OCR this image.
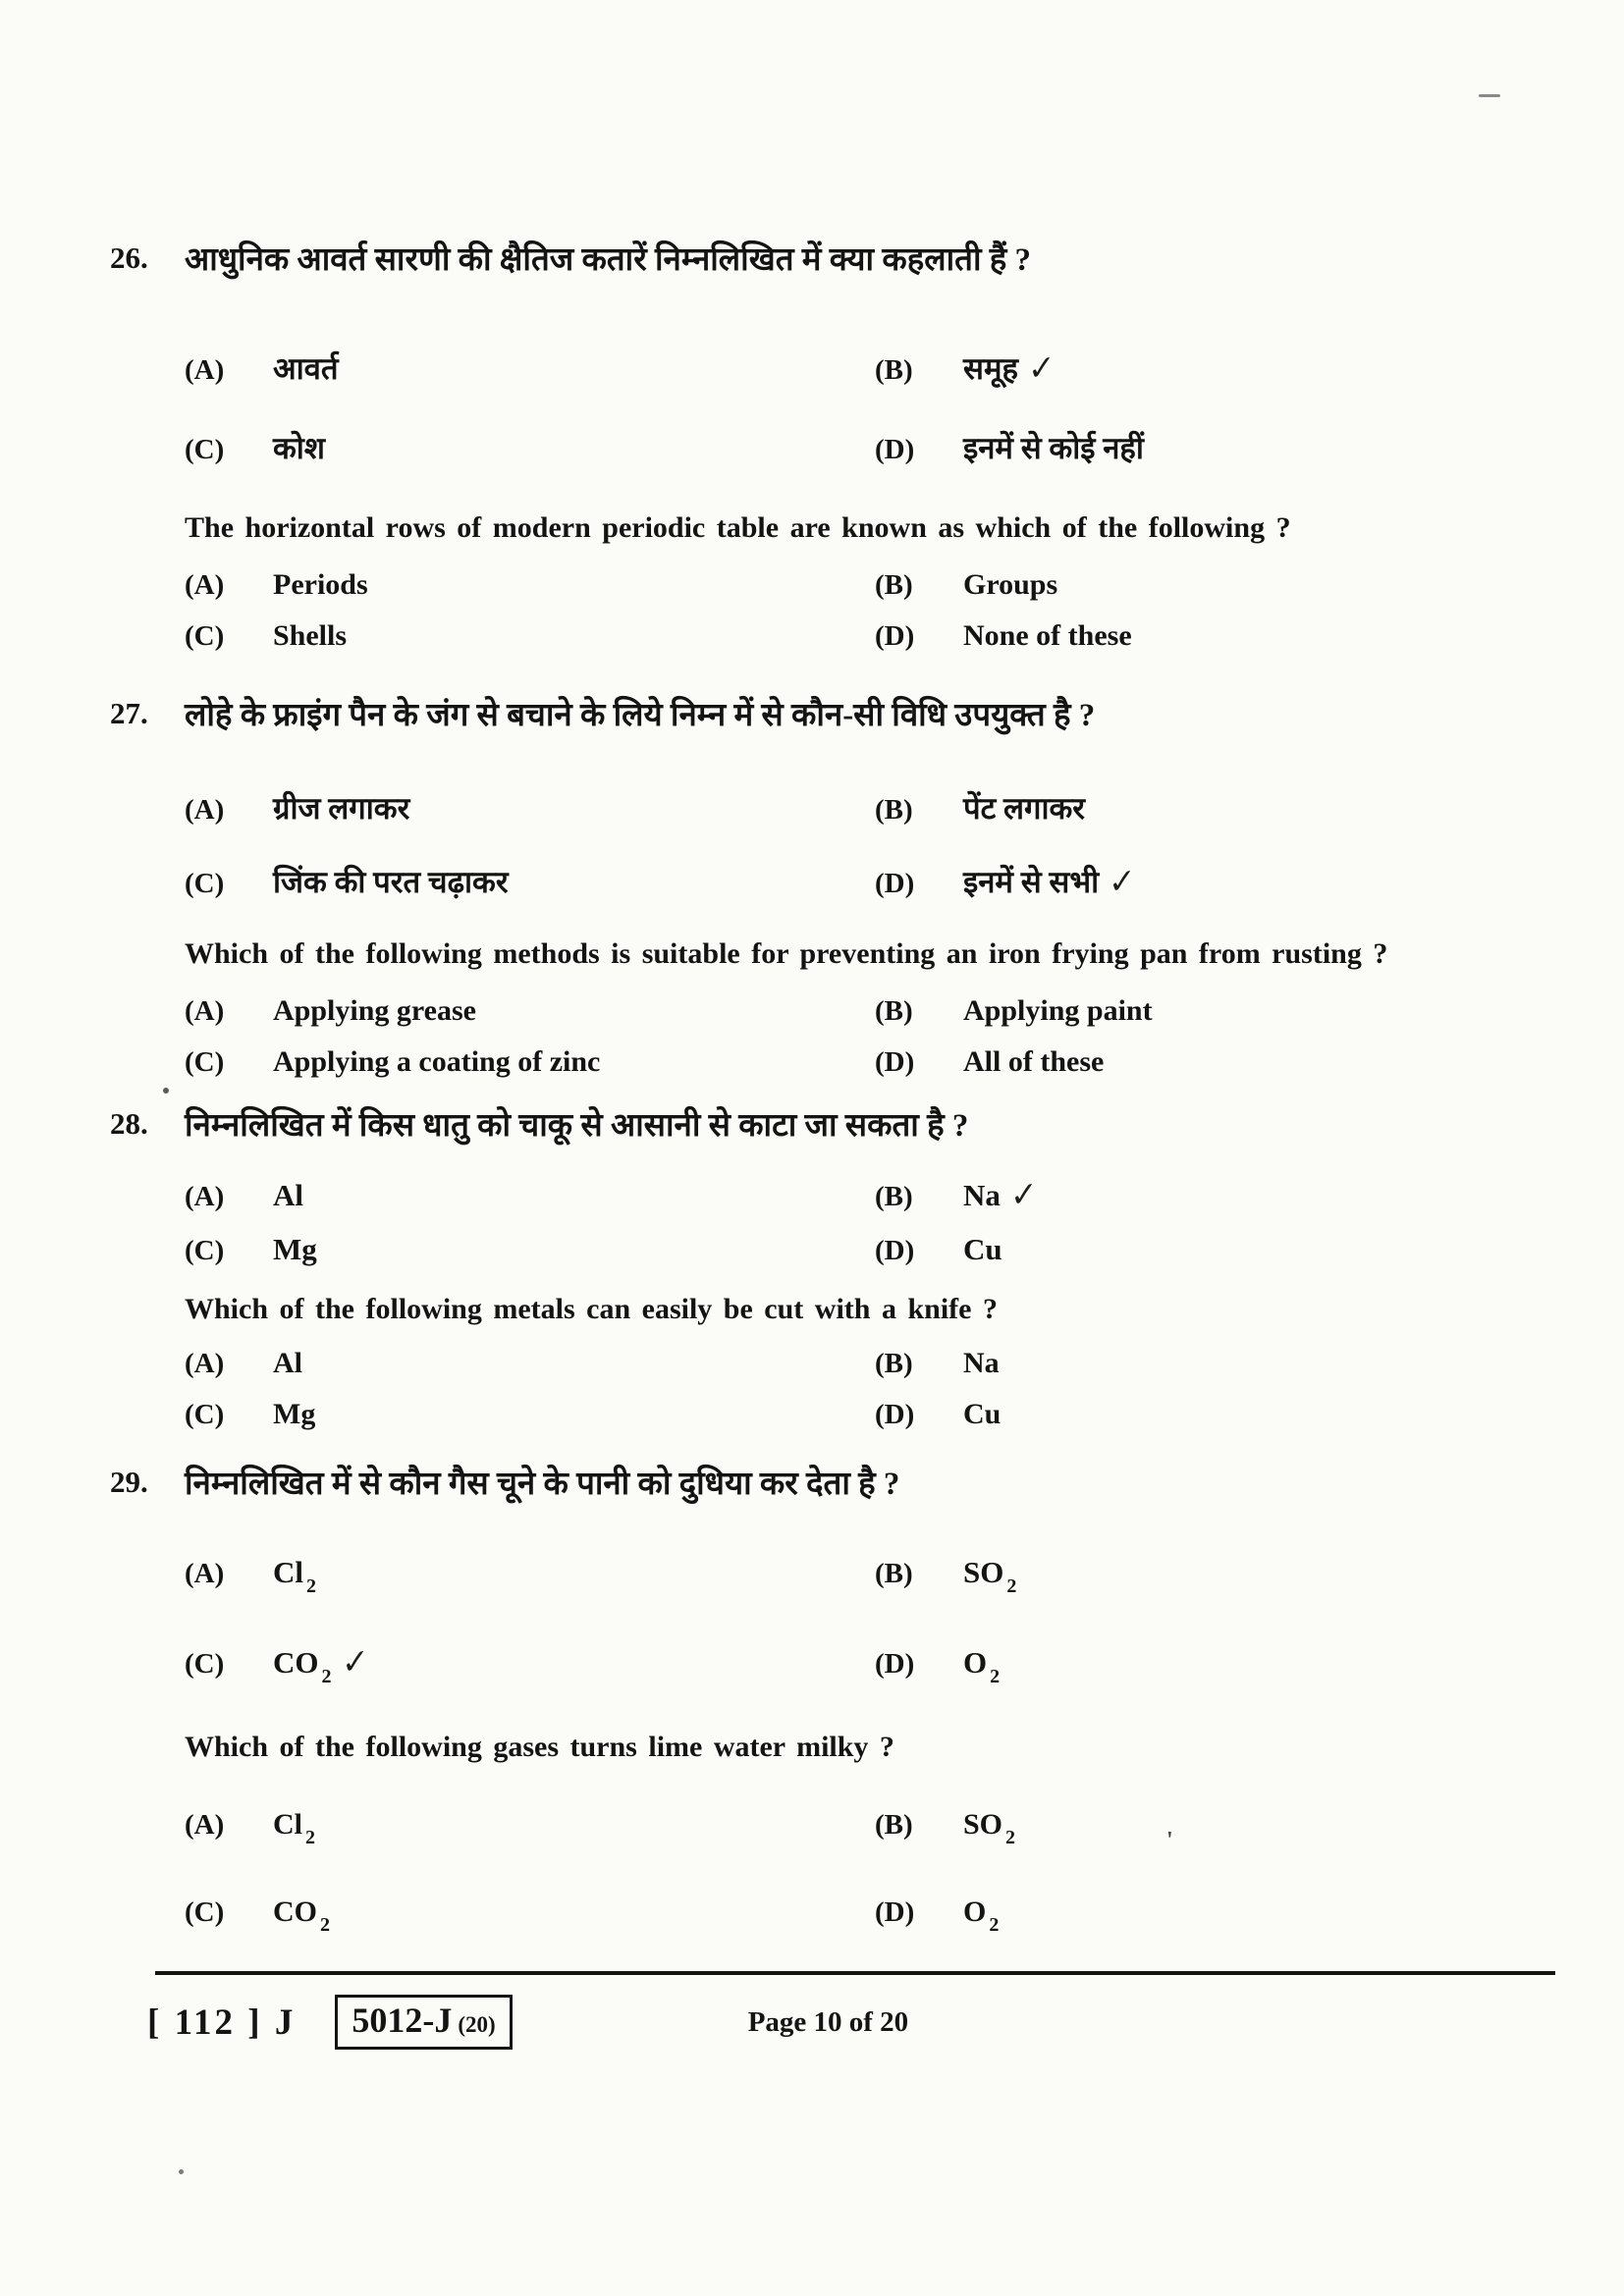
'
26.	आधुनिक आवर्त सारणी की क्षैतिज कतारें निम्नलिखित में क्या कहलाती हैं ?

(A)	आवर्त	(B)	समूह ✓
(C)	कोश	(D)	इनमें से कोई नहीं

The horizontal rows of modern periodic table are known as which of the following ?

(A)	Periods	(B)	Groups
(C)	Shells	(D)	None of these
27.	लोहे के फ्राइंग पैन के जंग से बचाने के लिये निम्न में से कौन-सी विधि उपयुक्त है ?

(A)	ग्रीज लगाकर	(B)	पेंट लगाकर
(C)	जिंक की परत चढ़ाकर	(D)	इनमें से सभी ✓

Which of the following methods is suitable for preventing an iron frying pan from rusting ?

(A)	Applying grease	(B)	Applying paint
(C)	Applying a coating of zinc	(D)	All of these
28.	निम्नलिखित में किस धातु को चाकू से आसानी से काटा जा सकता है ?

(A)	Al	(B)	Na ✓
(C)	Mg	(D)	Cu

Which of the following metals can easily be cut with a knife ?

(A)	Al	(B)	Na
(C)	Mg	(D)	Cu
29.	निम्नलिखित में से कौन गैस चूने के पानी को दुधिया कर देता है ?

(A)	Cl $_2$	(B)	SO $_2$
(C)	CO $_2$ ✓	(D)	O $_2$

Which of the following gases turns lime water milky ?

(A)	Cl $_2$	(B)	SO $_2$
(C)	CO $_2$	(D)	O $_2$
[ 112 ] J 5012-J (20)	Page 10 of 20
